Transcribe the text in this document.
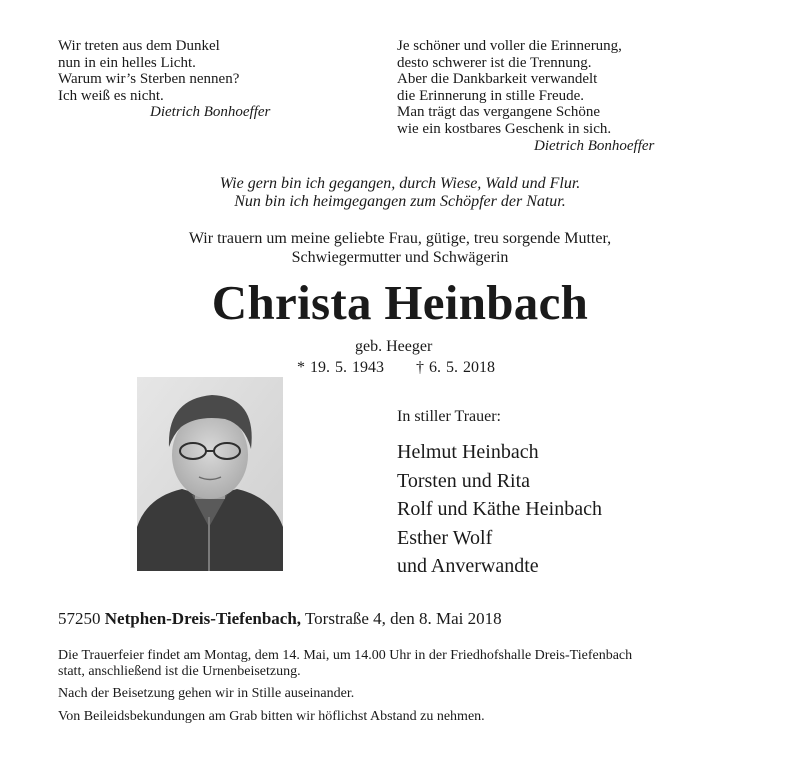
Wir treten aus dem Dunkel
nun in ein helles Licht.
Warum wir’s Sterben nennen?
Ich weiß es nicht.
Dietrich Bonhoeffer
Je schöner und voller die Erinnerung,
desto schwerer ist die Trennung.
Aber die Dankbarkeit verwandelt
die Erinnerung in stille Freude.
Man trägt das vergangene Schöne
wie ein kostbares Geschenk in sich.
Dietrich Bonhoeffer
Wie gern bin ich gegangen, durch Wiese, Wald und Flur.
Nun bin ich heimgegangen zum Schöpfer der Natur.
Wir trauern um meine geliebte Frau, gütige, treu sorgende Mutter,
Schwiegermutter und Schwägerin
Christa Heinbach
geb. Heeger
* 19. 5. 1943 † 6. 5. 2018
In stiller Trauer:
Helmut Heinbach
Torsten und Rita
Rolf und Käthe Heinbach
Esther Wolf
und Anverwandte
57250 Netphen-Dreis-Tiefenbach, Torstraße 4, den 8. Mai 2018
Die Trauerfeier findet am Montag, dem 14. Mai, um 14.00 Uhr in der Friedhofshalle Dreis-Tiefenbach
statt, anschließend ist die Urnenbeisetzung.
Nach der Beisetzung gehen wir in Stille auseinander.
Von Beileidsbekundungen am Grab bitten wir höflichst Abstand zu nehmen.
